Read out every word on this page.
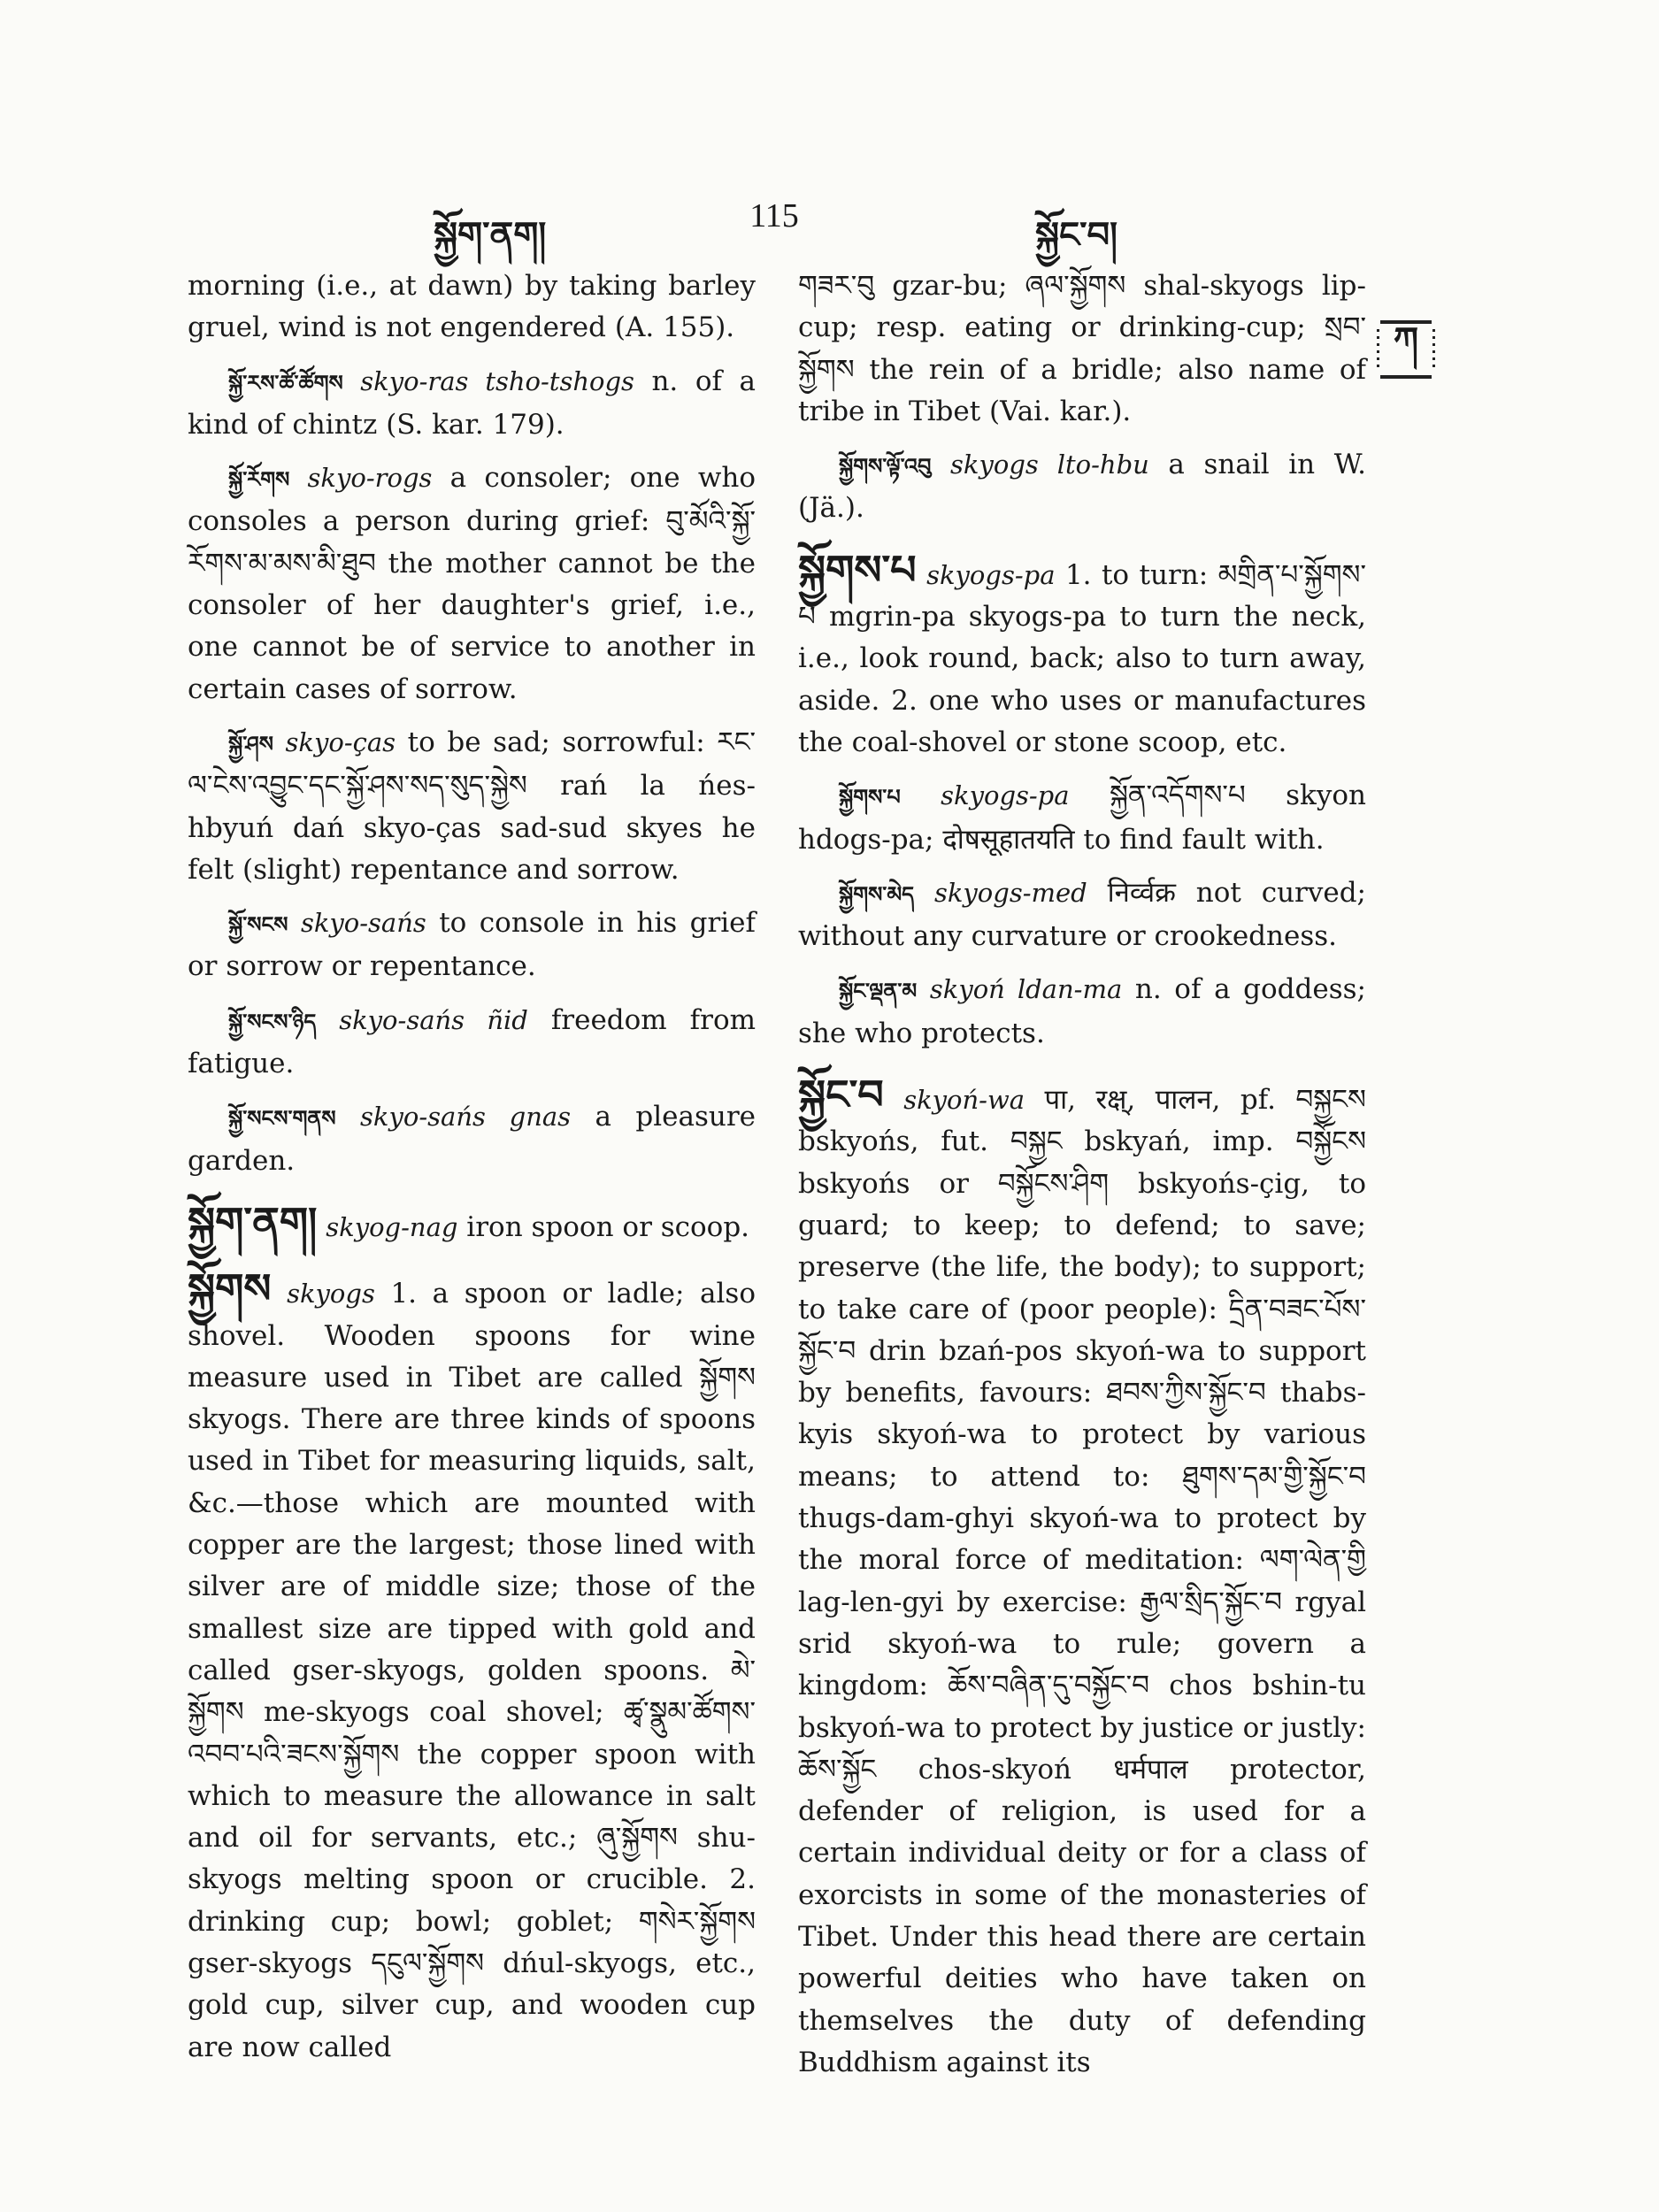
སྐྱོག་ནག།	115	སྐྱོང་བ།
ཀ

morning (i.e., at dawn) by taking barley gruel, wind is not engendered (A. 155).

སྐྱོ་རས་ཚོ་ཚོགས skyo-ras tsho-tshogs n. of a kind of chintz (S. kar. 179).

སྐྱོ་རོགས skyo-rogs a consoler; one who consoles a person during grief: བུ་མོའི་སྐྱོ་རོགས་མ་མས་མི་ཐུབ the mother cannot be the consoler of her daughter's grief, i.e., one cannot be of service to another in certain cases of sorrow.

སྐྱོ་ཤས skyo-ças to be sad; sorrowful: རང་ལ་ངེས་འབྱུང་དང་སྐྱོ་ཤས་སད་སུད་སྐྱེས rań la ńes-hbyuń dań skyo-ças sad-sud skyes he felt (slight) repentance and sorrow.

སྐྱོ་སངས skyo-sańs to console in his grief or sorrow or repentance.

སྐྱོ་སངས་ཉིད skyo-sańs ñid freedom from fatigue.

སྐྱོ་སངས་གནས skyo-sańs gnas a pleasure garden.

སྐྱོག་ནག། skyog-nag iron spoon or scoop.

སྐྱོགས skyogs 1. a spoon or ladle; also shovel. Wooden spoons for wine measure used in Tibet are called སྐྱོགས skyogs. There are three kinds of spoons used in Tibet for measuring liquids, salt, &c.—those which are mounted with copper are the largest; those lined with silver are of middle size; those of the smallest size are tipped with gold and called gser-skyogs, golden spoons. མེ་སྐྱོགས me-skyogs coal shovel; ཚྭ་སྣུམ་ཚོགས་འབབ་པའི་ཟངས་སྐྱོགས the copper spoon with which to measure the allowance in salt and oil for servants, etc.; ཞུ་སྐྱོགས shu-skyogs melting spoon or crucible. 2. drinking cup; bowl; goblet; གསེར་སྐྱོགས gser-skyogs དངུལ་སྐྱོགས dńul-skyogs, etc., gold cup, silver cup, and wooden cup are now called

གཟར་བུ gzar-bu; ཞལ་སྐྱོགས shal-skyogs lip-cup; resp. eating or drinking-cup; སྲབ་སྐྱོགས the rein of a bridle; also name of tribe in Tibet (Vai. kar.).

སྐྱོགས་ལྟོ་འབུ skyogs lto-hbu a snail in W. (Jä.).

སྐྱོགས་པ skyogs-pa 1. to turn: མགྲིན་པ་སྐྱོགས་པ mgrin-pa skyogs-pa to turn the neck, i.e., look round, back; also to turn away, aside. 2. one who uses or manufactures the coal-shovel or stone scoop, etc.

སྐྱོགས་པ skyogs-pa སྐྱོན་འདོགས་པ skyon hdogs-pa; दोषसूहातयति to find fault with.

སྐྱོགས་མེད skyogs-med निर्व्वक्र not curved; without any curvature or crookedness.

སྐྱོང་ལྡན་མ skyoń ldan-ma n. of a goddess; she who protects.

སྐྱོང་བ skyoń-wa पा, रक्ष्, पालन, pf. བསྐྱངས bskyońs, fut. བསྐྱང bskyań, imp. བསྐྱོངས bskyońs or བསྐྱོངས་ཤིག bskyońs-çig, to guard; to keep; to defend; to save; preserve (the life, the body); to support; to take care of (poor people): དྲིན་བཟང་པོས་སྐྱོང་བ drin bzań-pos skyoń-wa to support by benefits, favours: ཐབས་ཀྱིས་སྐྱོང་བ thabs-kyis skyoń-wa to protect by various means; to attend to: ཐུགས་དམ་གྱི་སྐྱོང་བ thugs-dam-ghyi skyoń-wa to protect by the moral force of meditation: ལག་ལེན་གྱི lag-len-gyi by exercise: རྒྱལ་སྲིད་སྐྱོང་བ rgyal srid skyoń-wa to rule; govern a kingdom: ཆོས་བཞིན་དུ་བསྐྱོང་བ chos bshin-tu bskyoń-wa to protect by justice or justly: ཆོས་སྐྱོང chos-skyoń धर्मपाल protector, defender of religion, is used for a certain individual deity or for a class of exorcists in some of the monasteries of Tibet. Under this head there are certain powerful deities who have taken on themselves the duty of defending Buddhism against its
